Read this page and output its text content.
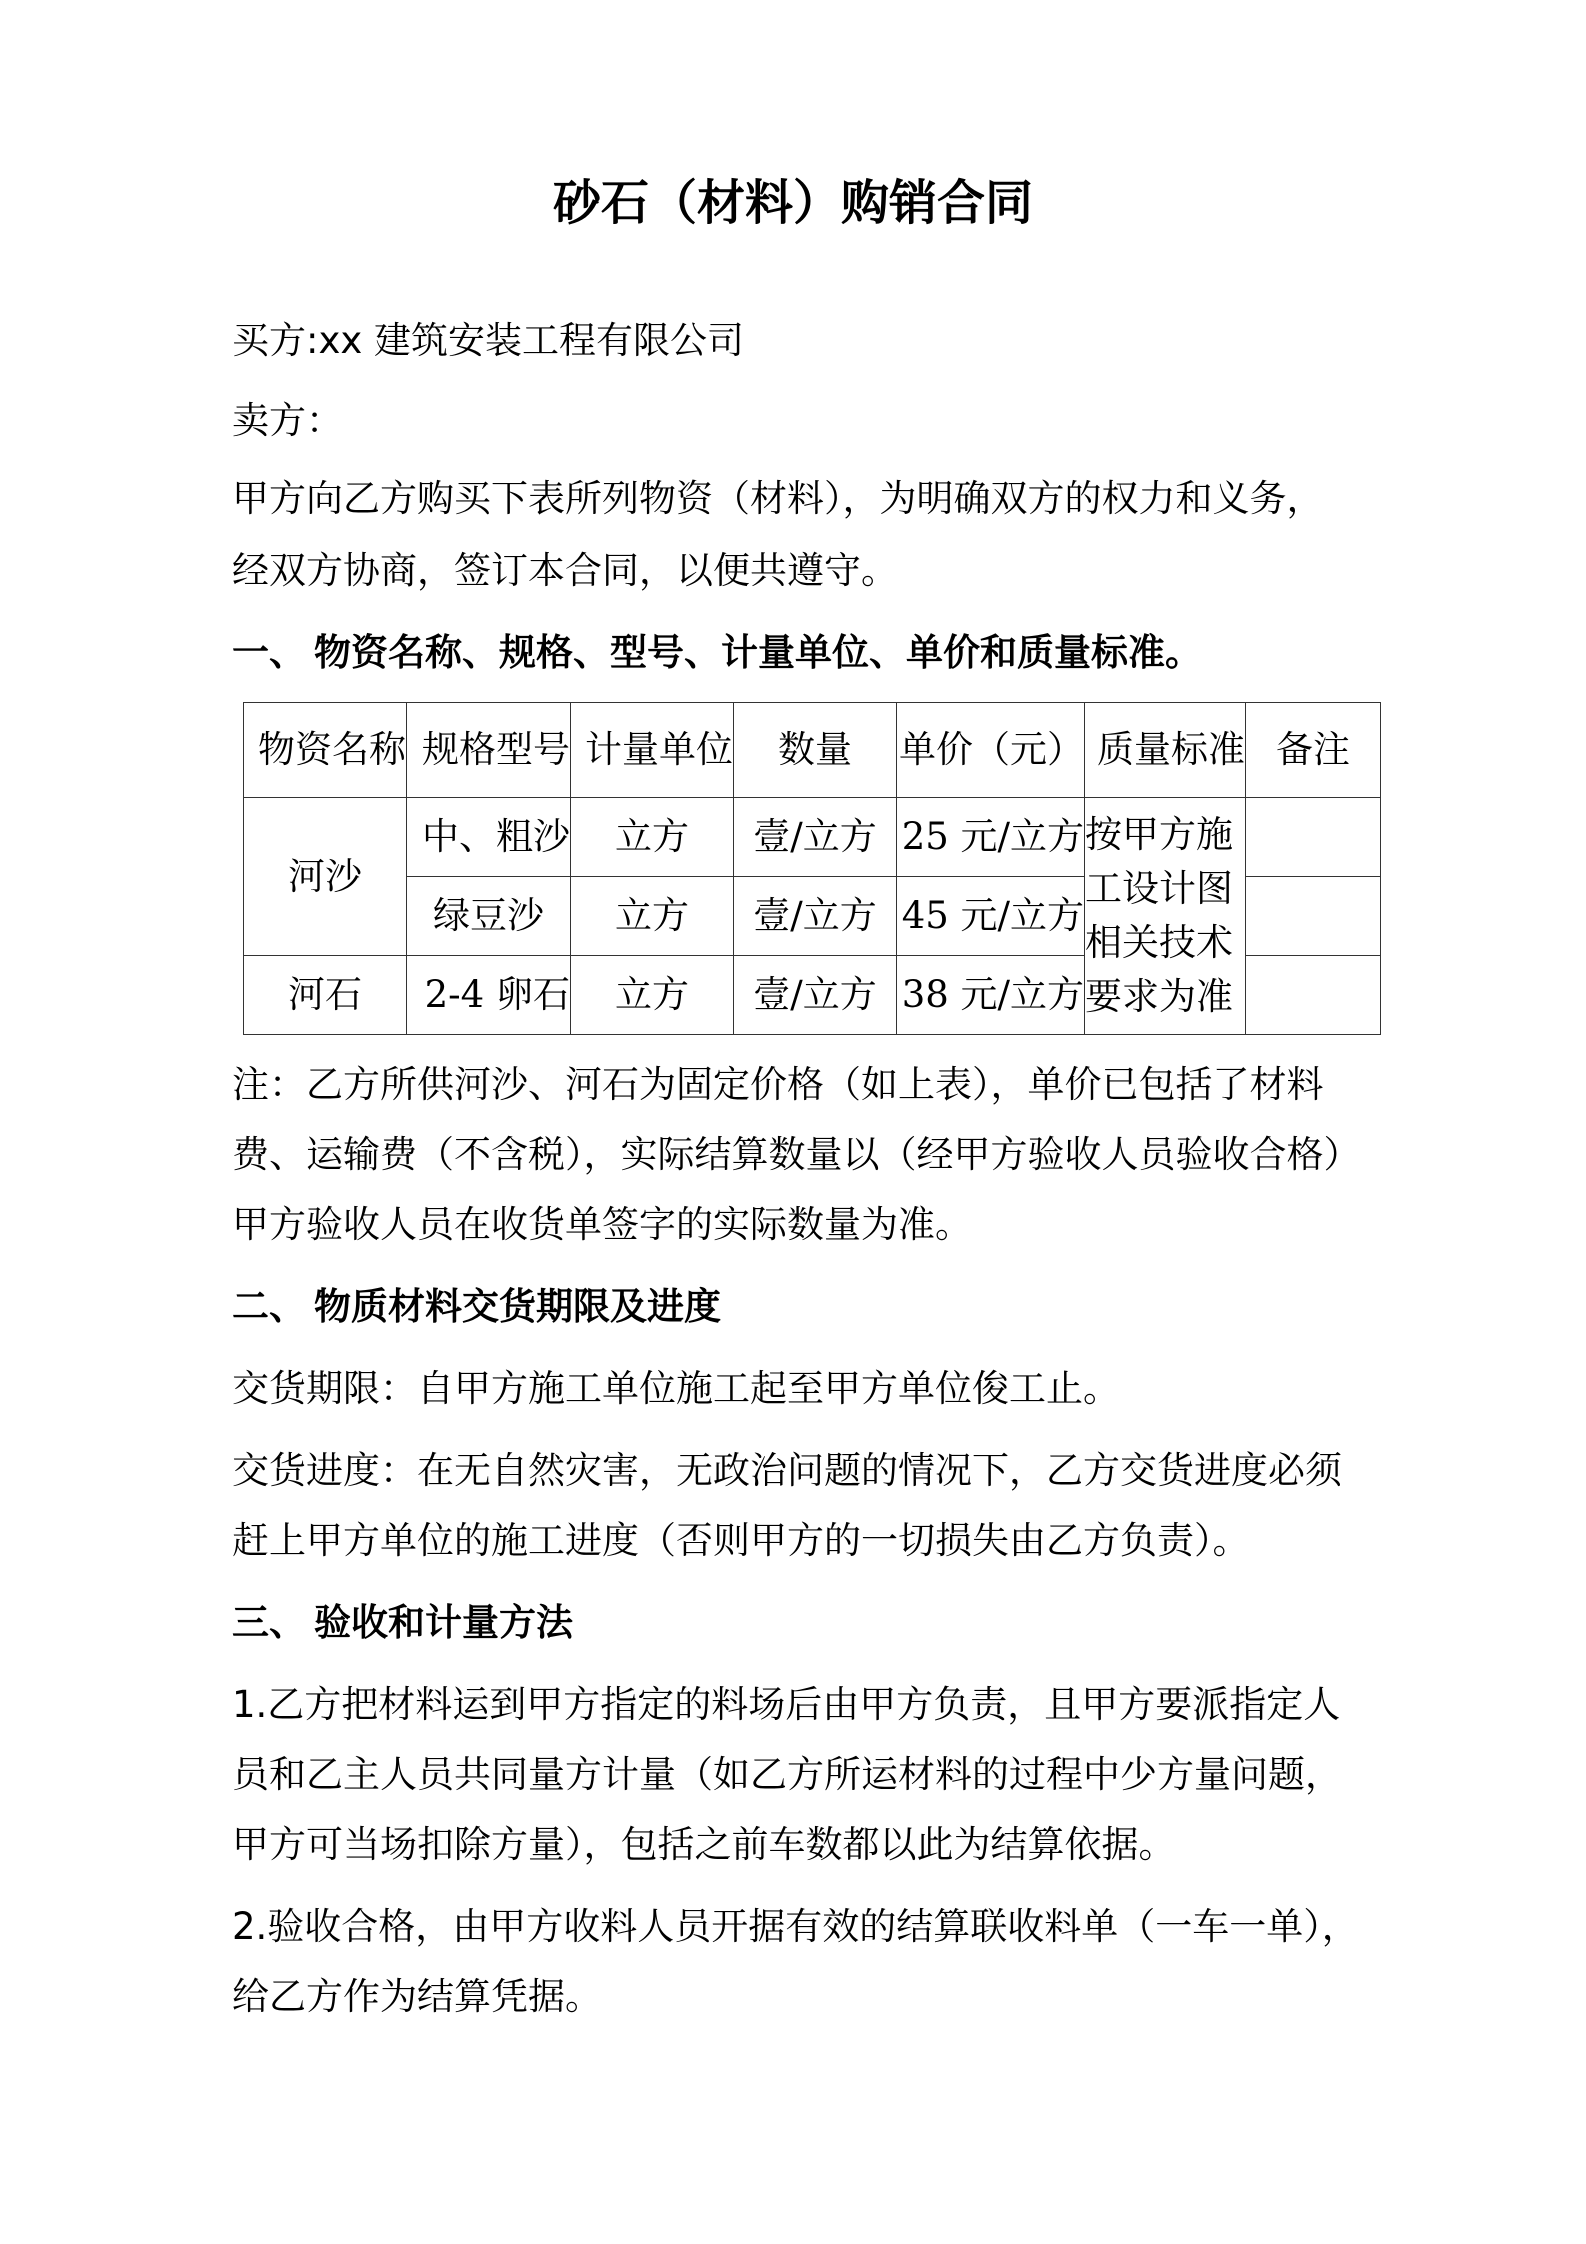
砂石（材料）购销合同
买方:xx 建筑安装工程有限公司
卖方：
甲方向乙方购买下表所列物资（材料），为明确双方的权力和义务，
经双方协商，签订本合同，以便共遵守。
一、 物资名称、规格、型号、计量单位、单价和质量标准。
物资名称	规格型号	计量单位	数量	单价（元）	质量标准	备注
河沙	中、粗沙	立方	壹/立方	25 元/立方	按甲方施
工设计图
相关技术
要求为准	

	绿豆沙	立方	壹/立方	45 元/立方		
河石	2-4 卵石	立方	壹/立方	38 元/立方		
注：乙方所供河沙、河石为固定价格（如上表），单价已包括了材料
费、运输费（不含税），实际结算数量以（经甲方验收人员验收合格）
甲方验收人员在收货单签字的实际数量为准。
二、 物质材料交货期限及进度
交货期限：自甲方施工单位施工起至甲方单位俊工止。
交货进度：在无自然灾害，无政治问题的情况下，乙方交货进度必须
赶上甲方单位的施工进度（否则甲方的一切损失由乙方负责）。
三、 验收和计量方法
1.乙方把材料运到甲方指定的料场后由甲方负责，且甲方要派指定人
员和乙主人员共同量方计量（如乙方所运材料的过程中少方量问题，
甲方可当场扣除方量），包括之前车数都以此为结算依据。
2.验收合格，由甲方收料人员开据有效的结算联收料单（一车一单），
给乙方作为结算凭据。
